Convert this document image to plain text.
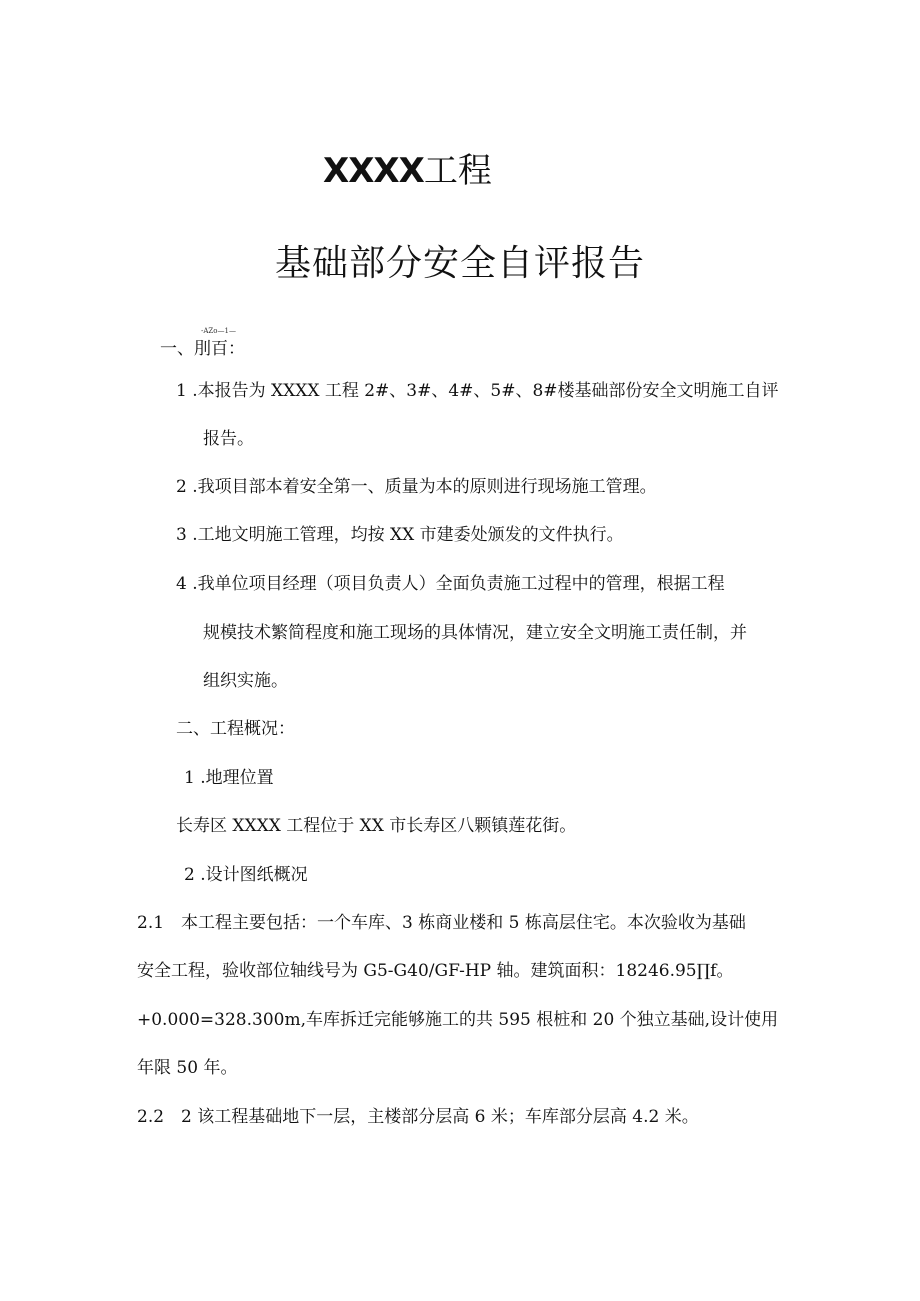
XXXX工程
基础部分安全自评报告
-AZo—1—
一、刖百：
1 .本报告为 XXXX 工程 2#、3#、4#、5#、8#楼基础部份安全文明施工自评
报告。
2 .我项目部本着安全第一、质量为本的原则进行现场施工管理。
3 .工地文明施工管理，均按 XX 市建委处颁发的文件执行。
4 .我单位项目经理（项目负责人）全面负责施工过程中的管理，根据工程
规模技术繁简程度和施工现场的具体情况，建立安全文明施工责任制，并
组织实施。
二、工程概况：
1 .地理位置
长寿区 XXXX 工程位于 XX 市长寿区八颗镇莲花街。
2 .设计图纸概况
2.1　本工程主要包括：一个车库、3 栋商业楼和 5 栋高层住宅。本次验收为基础
安全工程，验收部位轴线号为 G5-G40/GF-HP 轴。建筑面积：18246.95∏f。
+0.000=328.300m,车库拆迁完能够施工的共 595 根桩和 20 个独立基础,设计使用
年限 50 年。
2.2　2 该工程基础地下一层，主楼部分层高 6 米；车库部分层高 4.2 米。
